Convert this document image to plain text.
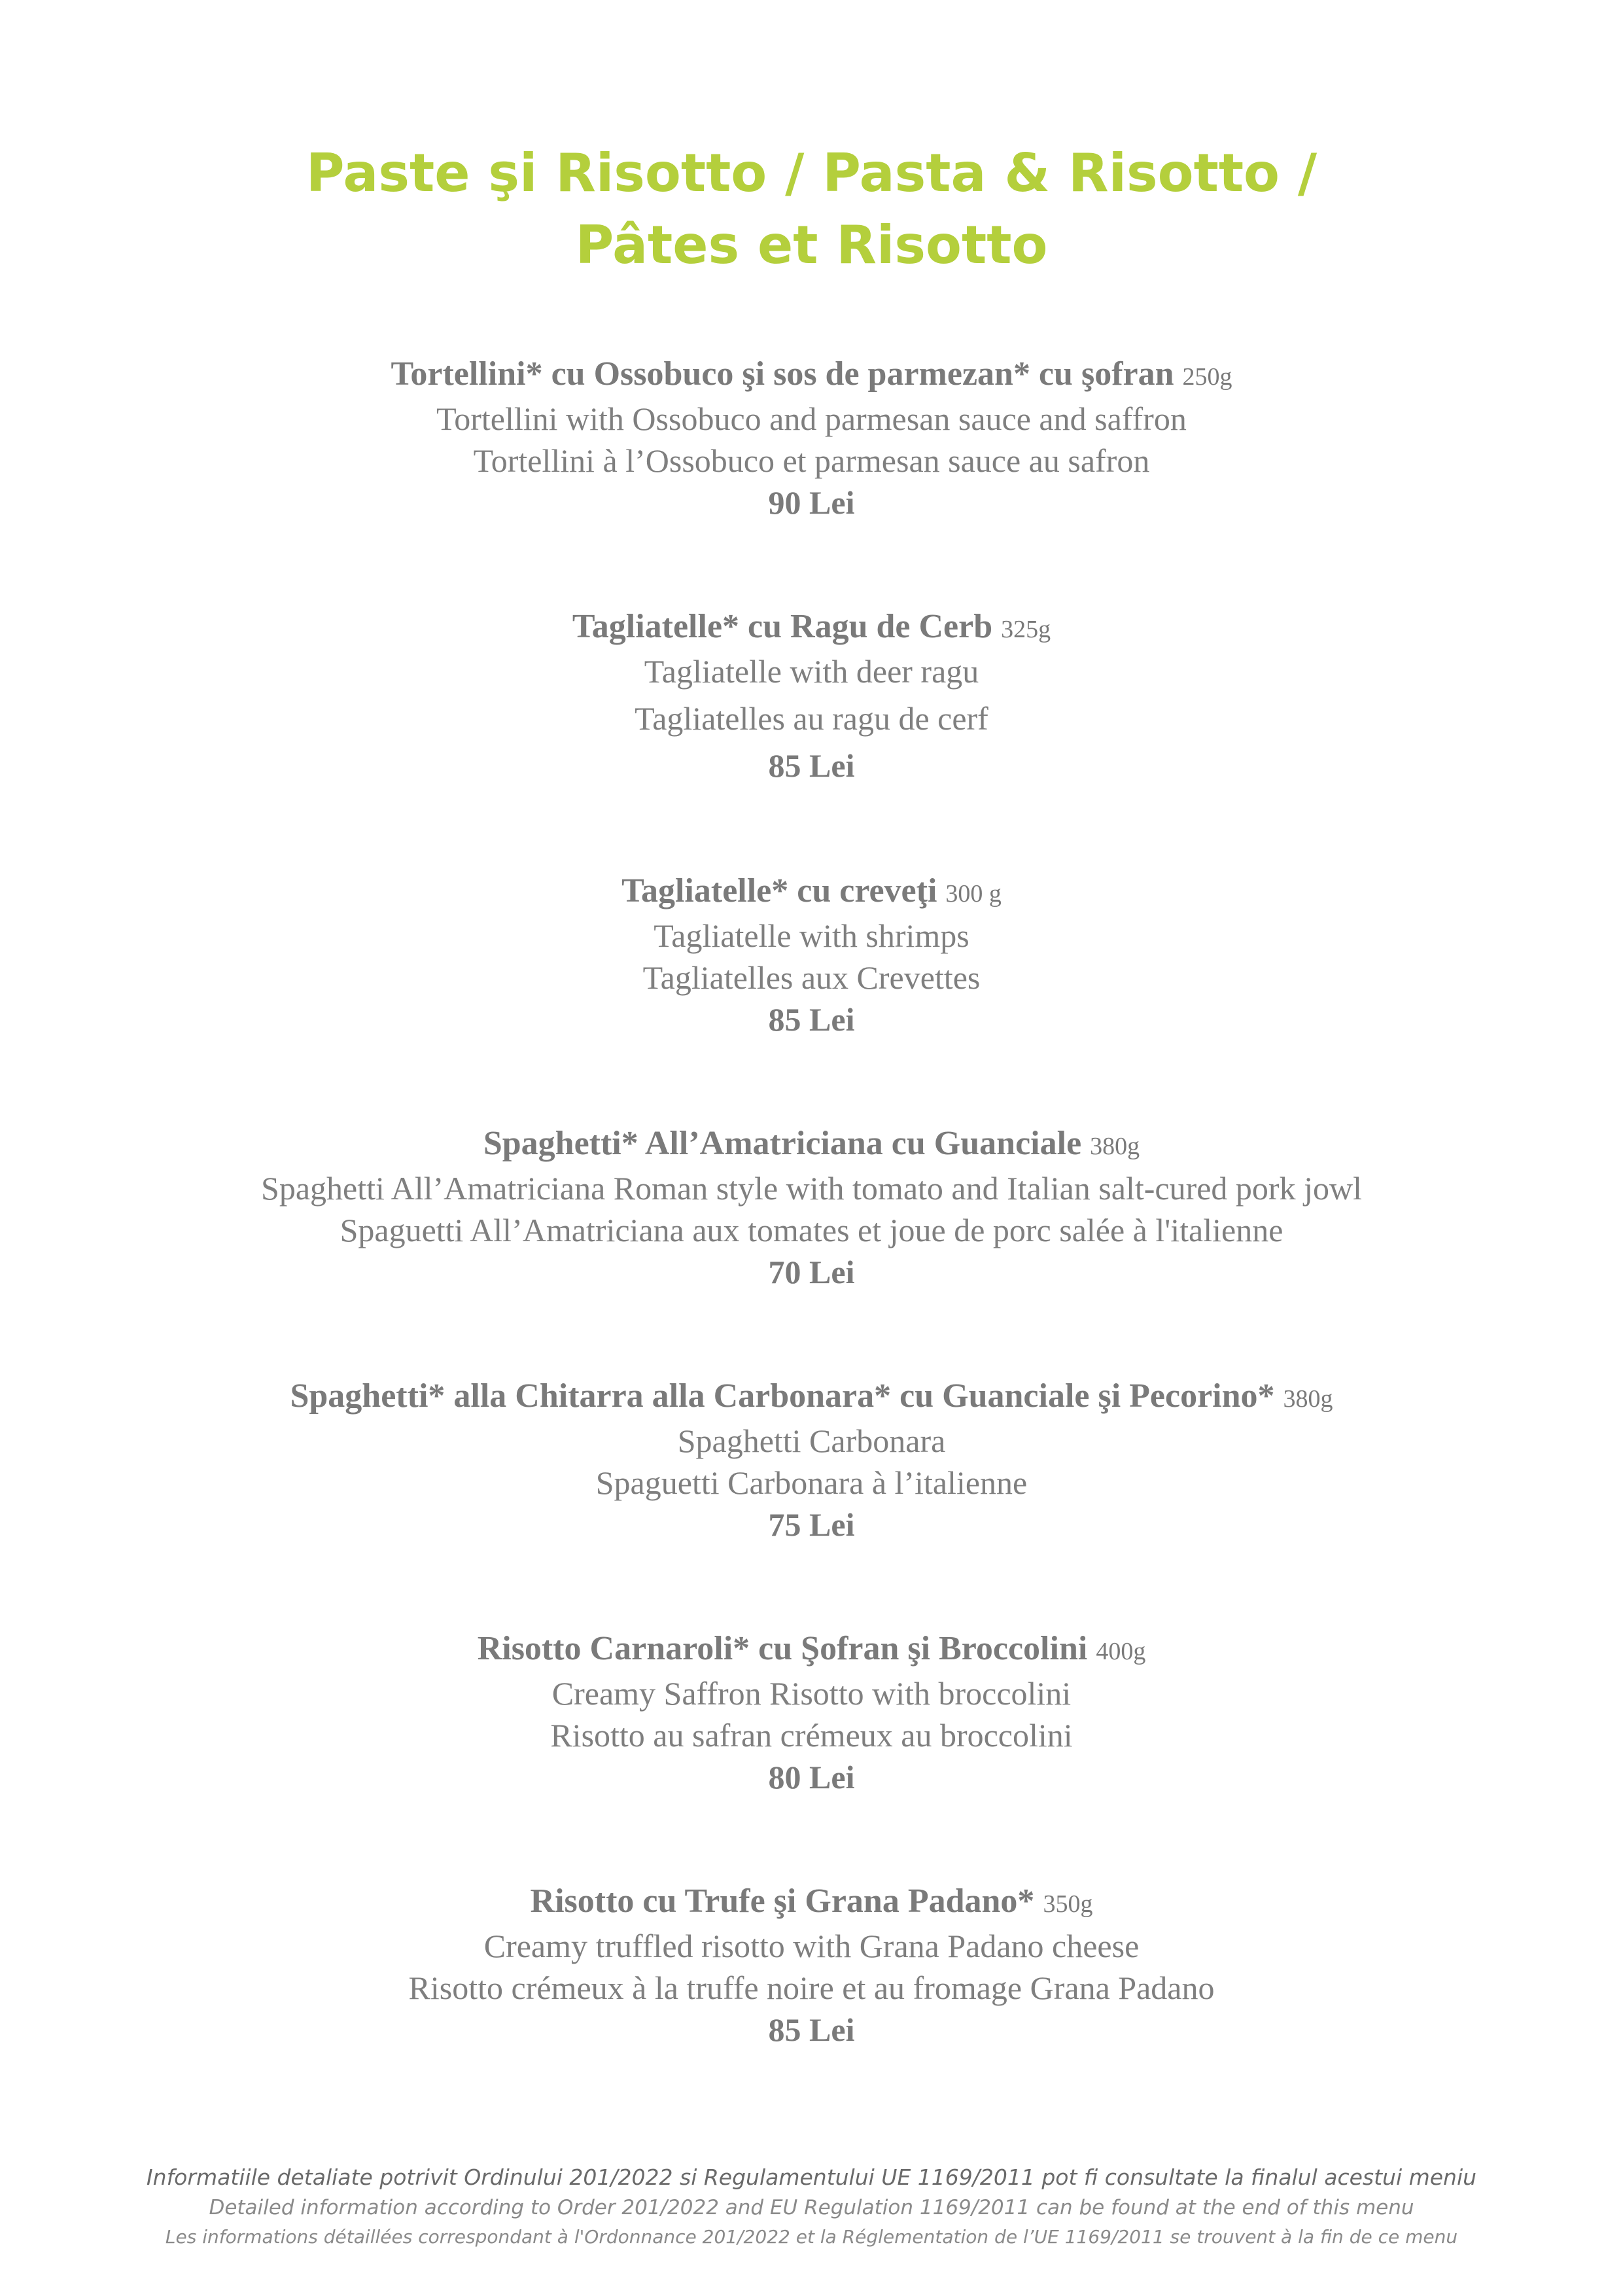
Paste şi Risotto / Pasta & Risotto /
Pâtes et Risotto
Tortellini* cu Ossobuco şi sos de parmezan* cu şofran 250g
Tortellini with Ossobuco and parmesan sauce and saffron
Tortellini à l’Ossobuco et parmesan sauce au safron
90 Lei
Tagliatelle* cu Ragu de Cerb 325g
Tagliatelle with deer ragu
Tagliatelles au ragu de cerf
85 Lei
Tagliatelle* cu creveţi 300 g
Tagliatelle with shrimps
Tagliatelles aux Crevettes
85 Lei
Spaghetti* All’Amatriciana cu Guanciale 380g
Spaghetti All’Amatriciana Roman style with tomato and Italian salt-cured pork jowl
Spaguetti All’Amatriciana aux tomates et joue de porc salée à l'italienne
70 Lei
Spaghetti* alla Chitarra alla Carbonara* cu Guanciale şi Pecorino* 380g
Spaghetti Carbonara
Spaguetti Carbonara à l’italienne
75 Lei
Risotto Carnaroli* cu Şofran şi Broccolini 400g
Creamy Saffron Risotto with broccolini
Risotto au safran crémeux au broccolini
80 Lei
Risotto cu Trufe şi Grana Padano* 350g
Creamy truffled risotto with Grana Padano cheese
Risotto crémeux à la truffe noire et au fromage Grana Padano
85 Lei
Informatiile detaliate potrivit Ordinului 201/2022 si Regulamentului UE 1169/2011 pot fi consultate la finalul acestui meniu
Detailed information according to Order 201/2022 and EU Regulation 1169/2011 can be found at the end of this menu
Les informations détaillées correspondant à l'Ordonnance 201/2022 et la Réglementation de l’UE 1169/2011 se trouvent à la fin de ce menu
